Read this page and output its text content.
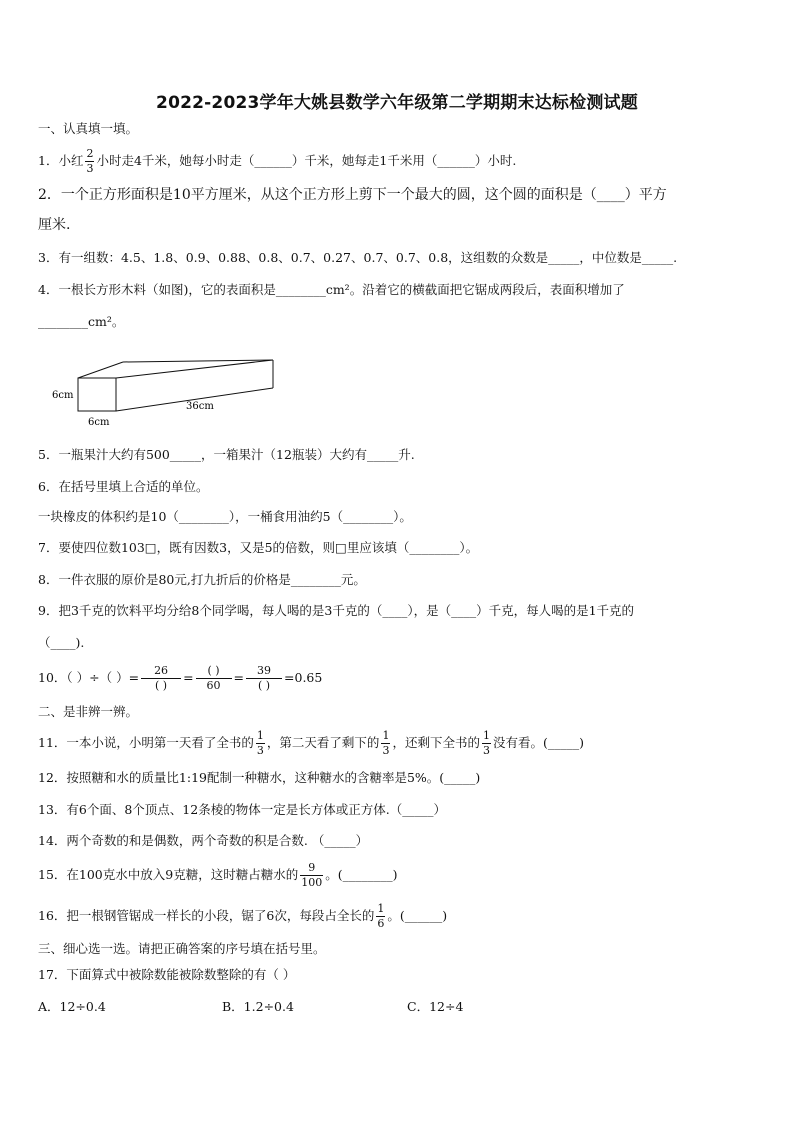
2022-2023学年大姚县数学六年级第二学期期末达标检测试题
一、认真填一填。
1．小红 $\frac{2}{3}$ 小时走4千米，她每小时走（______）千米，她每走1千米用（______）小时.
2．一个正方形面积是10平方厘米，从这个正方形上剪下一个最大的圆，这个圆的面积是（____）平方
厘米.
3．有一组数：4.5、1.8、0.9、0.88、0.8、0.7、0.27、0.7、0.7、0.8，这组数的众数是_____，中位数是_____.
4．一根长方形木料（如图)，它的表面积是________cm²。沿着它的横截面把它锯成两段后，表面积增加了
________cm²。
6cm
6cm
36cm
5．一瓶果汁大约有500_____，一箱果汁（12瓶装）大约有_____升.
6．在括号里填上合适的单位。
一块橡皮的体积约是10（________），一桶食用油约5（________）。
7．要使四位数103□，既有因数3，又是5的倍数，则□里应该填（________）。
8．一件衣服的原价是80元,打九折后的价格是________元。
9．把3千克的饮料平均分给8个同学喝，每人喝的是3千克的（____），是（____）千克，每人喝的是1千克的
（____).
10．（ ）÷（ ）= $\frac{26}{( )} = \frac{( )}{60} = \frac{39}{( )} =0.65$
二、是非辨一辨。
11．一本小说，小明第一天看了全书的 $\frac{1}{3}$ ，第二天看了剩下的 $\frac{1}{3}$ ，还剩下全书的 $\frac{1}{3}$ 没有看。(_____)
12．按照糖和水的质量比1:19配制一种糖水，这种糖水的含糖率是5%。(_____)
13．有6个面、8个顶点、12条棱的物体一定是长方体或正方体.（_____）
14．两个奇数的和是偶数，两个奇数的积是合数. （_____）
15．在100克水中放入9克糖，这时糖占糖水的 $\frac{9}{100}$ 。(________)
16．把一根钢管锯成一样长的小段，锯了6次，每段占全长的 $\frac{1}{6}$ 。(______)
三、细心选一选。请把正确答案的序号填在括号里。
17．下面算式中被除数能被除数整除的有（ ）
A．12÷0.4	B．1.2÷0.4	C．12÷4
